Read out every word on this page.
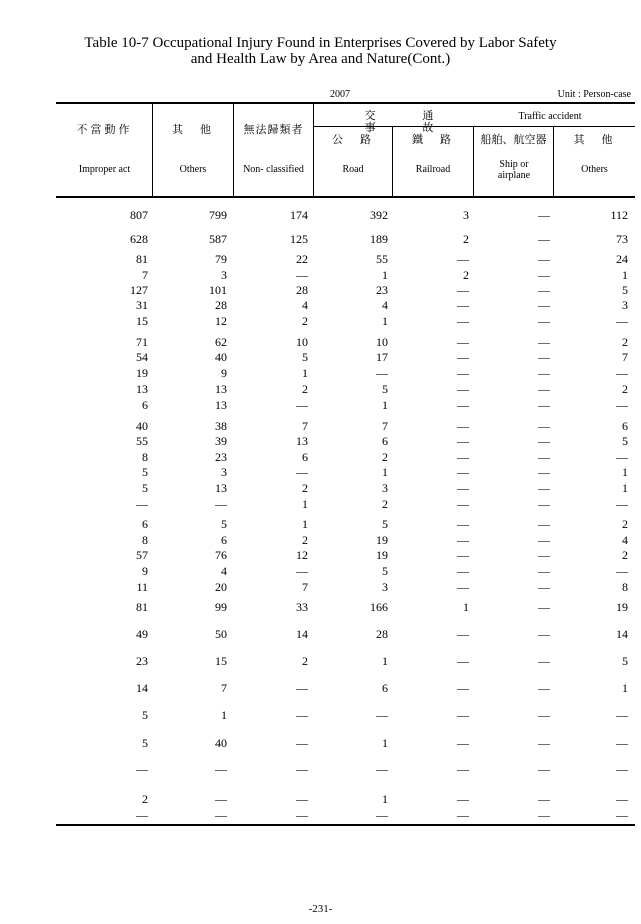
Table 10-7 Occupational Injury Found in Enterprises Covered by Labor Safety
and Health Law by Area and Nature(Cont.)
2007	Unit : Person-case
交 通 事 故
Traffic accident
不當動作
Improper act
其　他
Others
無法歸類者
Non- classified
公　路
Road
鐵　路
Railroad
船舶、航空器
Ship or airplane
其　他
Others
807	799	174	392	3	—	112
628	587	125	189	2	—	73
81	79	22	55	—	—	24
7	3	—	1	2	—	1
127	101	28	23	—	—	5
31	28	4	4	—	—	3
15	12	2	1	—	—	—
71	62	10	10	—	—	2
54	40	5	17	—	—	7
19	9	1	—	—	—	—
13	13	2	5	—	—	2
6	13	—	1	—	—	—
40	38	7	7	—	—	6
55	39	13	6	—	—	5
8	23	6	2	—	—	—
5	3	—	1	—	—	1
5	13	2	3	—	—	1
—	—	1	2	—	—	—
6	5	1	5	—	—	2
8	6	2	19	—	—	4
57	76	12	19	—	—	2
9	4	—	5	—	—	—
11	20	7	3	—	—	8
81	99	33	166	1	—	19
49	50	14	28	—	—	14
23	15	2	1	—	—	5
14	7	—	6	—	—	1
5	1	—	—	—	—	—
5	40	—	1	—	—	—
—	—	—	—	—	—	—
2	—	—	1	—	—	—
—	—	—	—	—	—	—
-231-
